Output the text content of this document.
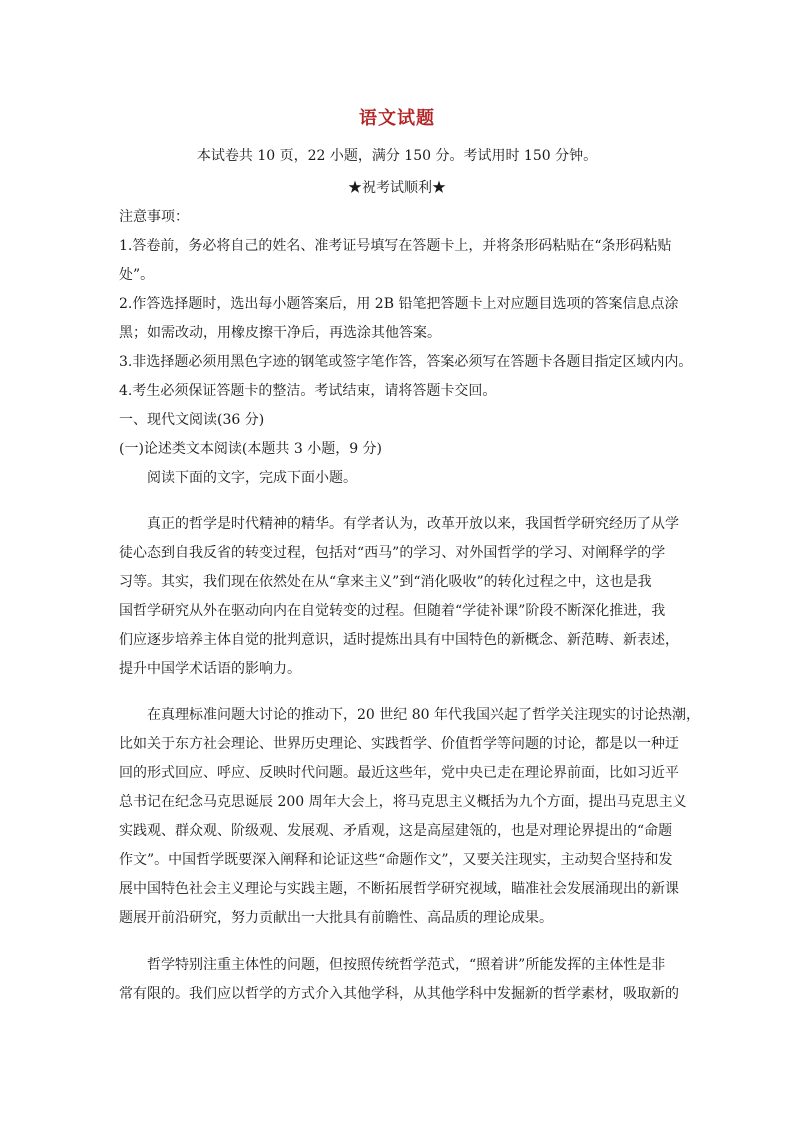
语文试题
本试卷共 10 页，22 小题，满分 150 分。考试用时 150 分钟。
★祝考试顺利★
注意事项：
1.答卷前，务必将自己的姓名、准考证号填写在答题卡上，并将条形码粘贴在“条形码粘贴
处”。
2.作答选择题时，选出每小题答案后，用 2B 铅笔把答题卡上对应题目选项的答案信息点涂
黑；如需改动，用橡皮擦干净后，再选涂其他答案。
3.非选择题必须用黑色字迹的钢笔或签字笔作答，答案必须写在答题卡各题目指定区域内内。
4.考生必须保证答题卡的整洁。考试结束，请将答题卡交回。
一、现代文阅读(36 分)
(一)论述类文本阅读(本题共 3 小题，9 分)
阅读下面的文字，完成下面小题。
真正的哲学是时代精神的精华。有学者认为，改革开放以来，我国哲学研究经历了从学
徒心态到自我反省的转变过程，包括对“西马”的学习、对外国哲学的学习、对阐释学的学
习等。其实，我们现在依然处在从“拿来主义”到“消化吸收”的转化过程之中，这也是我
国哲学研究从外在驱动向内在自觉转变的过程。但随着“学徒补课”阶段不断深化推进，我
们应逐步培养主体自觉的批判意识，适时提炼出具有中国特色的新概念、新范畴、新表述，
提升中国学术话语的影响力。
在真理标准问题大讨论的推动下，20 世纪 80 年代我国兴起了哲学关注现实的讨论热潮，
比如关于东方社会理论、世界历史理论、实践哲学、价值哲学等问题的讨论，都是以一种迂
回的形式回应、呼应、反映时代问题。最近这些年，党中央已走在理论界前面，比如习近平
总书记在纪念马克思诞辰 200 周年大会上，将马克思主义概括为九个方面，提出马克思主义
实践观、群众观、阶级观、发展观、矛盾观，这是高屋建瓴的，也是对理论界提出的“命题
作文”。中国哲学既要深入阐释和论证这些“命题作文”，又要关注现实，主动契合坚持和发
展中国特色社会主义理论与实践主题，不断拓展哲学研究视域，瞄准社会发展涌现出的新课
题展开前沿研究，努力贡献出一大批具有前瞻性、高品质的理论成果。
哲学特别注重主体性的问题，但按照传统哲学范式，“照着讲”所能发挥的主体性是非
常有限的。我们应以哲学的方式介入其他学科，从其他学科中发掘新的哲学素材，吸取新的
